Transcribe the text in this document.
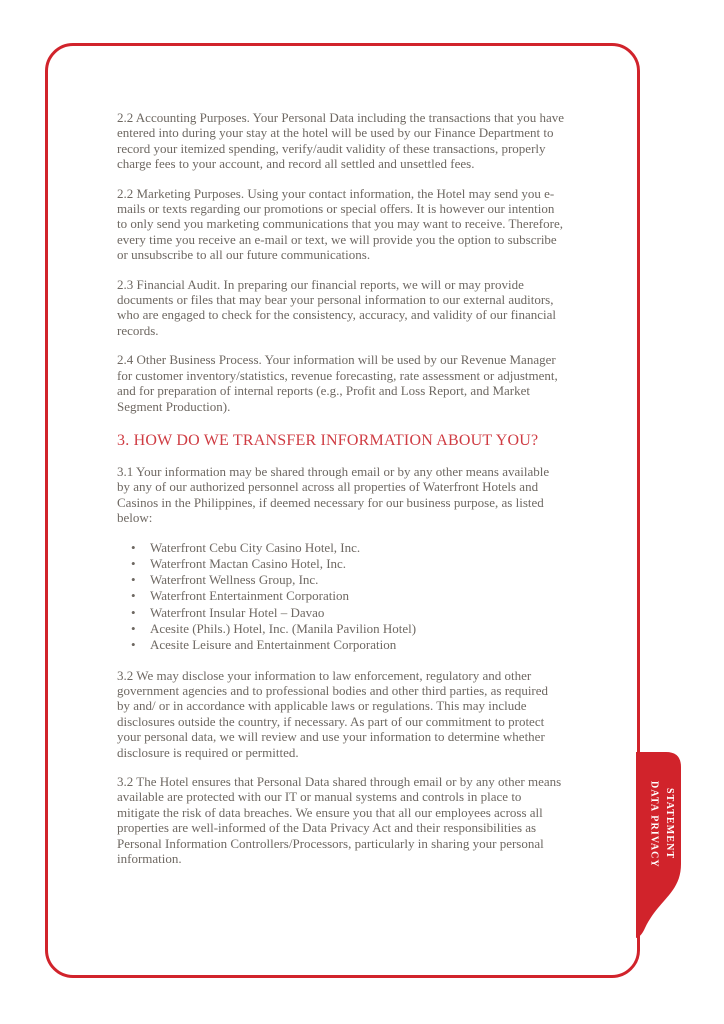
2.2 Accounting Purposes. Your Personal Data including the transactions that you have entered into during your stay at the hotel will be used by our Finance Department to record your itemized spending, verify/audit validity of these transactions, properly charge fees to your account, and record all settled and unsettled fees.

2.2 Marketing Purposes. Using your contact information, the Hotel may send you e-mails or texts regarding our promotions or special offers. It is however our intention to only send you marketing communications that you may want to receive. Therefore, every time you receive an e-mail or text, we will provide you the option to subscribe or unsubscribe to all our future communications.

2.3 Financial Audit. In preparing our financial reports, we will or may provide documents or files that may bear your personal information to our external auditors, who are engaged to check for the consistency, accuracy, and validity of our financial records.

2.4 Other Business Process. Your information will be used by our Revenue Manager for customer inventory/statistics, revenue forecasting, rate assessment or adjustment, and for preparation of internal reports (e.g., Profit and Loss Report, and Market Segment Production).

3. HOW DO WE TRANSFER INFORMATION ABOUT YOU?

3.1 Your information may be shared through email or by any other means available by any of our authorized personnel across all properties of Waterfront Hotels and Casinos in the Philippines, if deemed necessary for our business purpose, as listed below:

• Waterfront Cebu City Casino Hotel, Inc.
• Waterfront Mactan Casino Hotel, Inc.
• Waterfront Wellness Group, Inc.
• Waterfront Entertainment Corporation
• Waterfront Insular Hotel – Davao
• Acesite (Phils.) Hotel, Inc. (Manila Pavilion Hotel)
• Acesite Leisure and Entertainment Corporation

3.2 We may disclose your information to law enforcement, regulatory and other government agencies and to professional bodies and other third parties, as required by and/ or in accordance with applicable laws or regulations. This may include disclosures outside the country, if necessary. As part of our commitment to protect your personal data, we will review and use your information to determine whether disclosure is required or permitted.

3.2 The Hotel ensures that Personal Data shared through email or by any other means available are protected with our IT or manual systems and controls in place to mitigate the risk of data breaches. We ensure you that all our employees across all properties are well-informed of the Data Privacy Act and their responsibilities as Personal Information Controllers/Processors, particularly in sharing your personal information.	DATA PRIVACY STATEMENT
